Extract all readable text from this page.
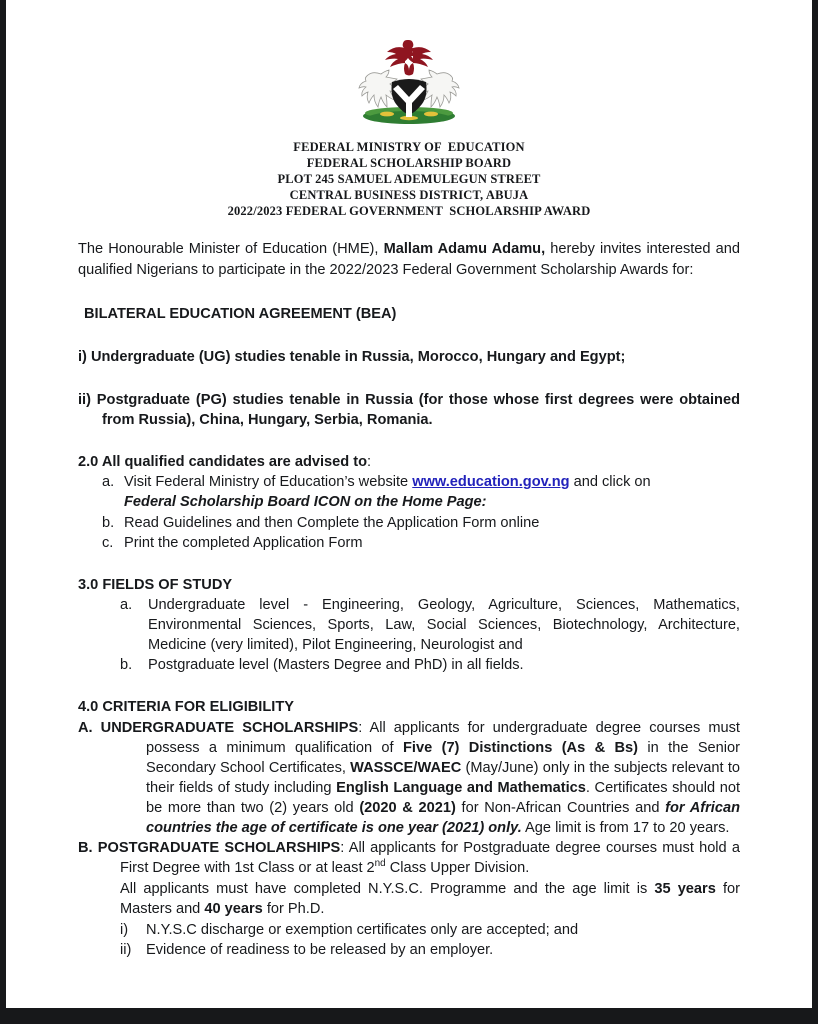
FEDERAL MINISTRY OF  EDUCATION
FEDERAL SCHOLARSHIP BOARD
PLOT 245 SAMUEL ADEMULEGUN STREET
CENTRAL BUSINESS DISTRICT, ABUJA
2022/2023 FEDERAL GOVERNMENT  SCHOLARSHIP AWARD

The Honourable Minister of Education (HME), Mallam Adamu Adamu, hereby invites interested and qualified Nigerians to participate in the 2022/2023 Federal Government Scholarship Awards for:

BILATERAL EDUCATION AGREEMENT (BEA)

i) Undergraduate (UG) studies tenable in Russia, Morocco, Hungary and Egypt;

ii) Postgraduate (PG) studies tenable in Russia (for those whose first degrees were obtained from Russia), China, Hungary, Serbia, Romania.

2.0 All qualified candidates are advised to:

a. Visit Federal Ministry of Education’s website www.education.gov.ng and click on
Federal Scholarship Board ICON on the Home Page:
b. Read Guidelines and then Complete the Application Form online
c. Print the completed Application Form

3.0 FIELDS OF STUDY

a. Undergraduate level - Engineering, Geology, Agriculture, Sciences, Mathematics, Environmental Sciences, Sports, Law, Social Sciences, Biotechnology, Architecture, Medicine (very limited), Pilot Engineering, Neurologist and
b. Postgraduate level (Masters Degree and PhD) in all fields.

4.0 CRITERIA FOR ELIGIBILITY

A. UNDERGRADUATE SCHOLARSHIPS: All applicants for undergraduate degree courses must possess a minimum qualification of Five (7) Distinctions (As & Bs) in the Senior Secondary School Certificates, WASSCE/WAEC (May/June) only in the subjects relevant to their fields of study including English Language and Mathematics. Certificates should not be more than two (2) years old (2020 & 2021) for Non-African Countries and for African countries the age of certificate is one year (2021) only. Age limit is from 17 to 20 years.

B. POSTGRADUATE SCHOLARSHIPS: All applicants for Postgraduate degree courses must hold a First Degree with 1st Class or at least 2nd Class Upper Division.

All applicants must have completed N.Y.S.C. Programme and the age limit is 35 years for Masters and 40 years for Ph.D.

i) N.Y.S.C discharge or exemption certificates only are accepted; and
ii) Evidence of readiness to be released by an employer.
